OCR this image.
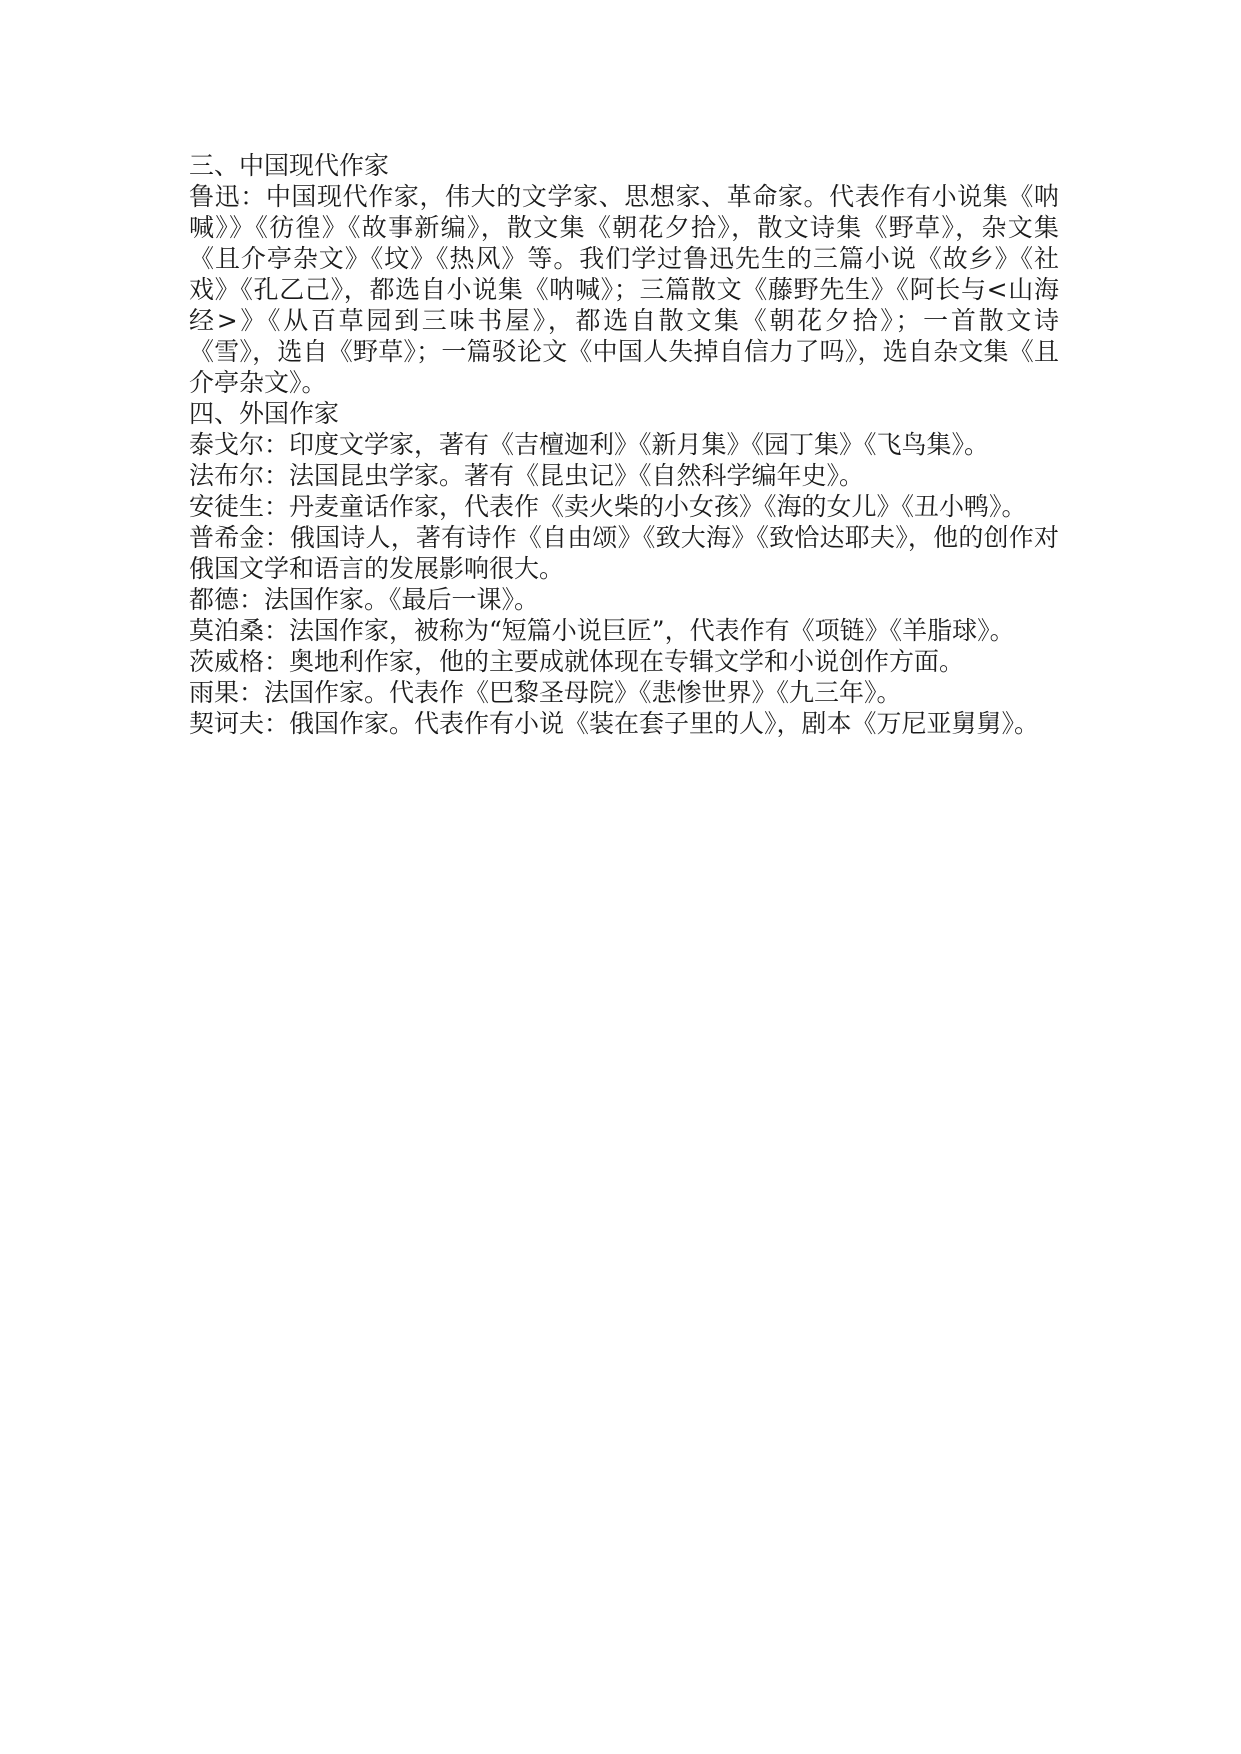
三、中国现代作家

鲁迅：中国现代作家，伟大的文学家、思想家、革命家。代表作有小说集《呐喊》》《彷徨》《故事新编》，散文集《朝花夕拾》，散文诗集《野草》，杂文集《且介亭杂文》《坟》《热风》等。我们学过鲁迅先生的三篇小说《故乡》《社戏》《孔乙己》，都选自小说集《呐喊》；三篇散文《藤野先生》《阿长与<山海经>》《从百草园到三味书屋》，都选自散文集《朝花夕拾》；一首散文诗《雪》，选自《野草》；一篇驳论文《中国人失掉自信力了吗》，选自杂文集《且介亭杂文》。

四、外国作家

泰戈尔：印度文学家，著有《吉檀迦利》《新月集》《园丁集》《飞鸟集》。

法布尔：法国昆虫学家。著有《昆虫记》《自然科学编年史》。

安徒生：丹麦童话作家，代表作《卖火柴的小女孩》《海的女儿》《丑小鸭》。

普希金：俄国诗人，著有诗作《自由颂》《致大海》《致恰达耶夫》，他的创作对俄国文学和语言的发展影响很大。

都德：法国作家。《最后一课》。

莫泊桑：法国作家，被称为“短篇小说巨匠”，代表作有《项链》《羊脂球》。

茨威格：奥地利作家，他的主要成就体现在专辑文学和小说创作方面。

雨果：法国作家。代表作《巴黎圣母院》《悲惨世界》《九三年》。

契诃夫：俄国作家。代表作有小说《装在套子里的人》，剧本《万尼亚舅舅》。
